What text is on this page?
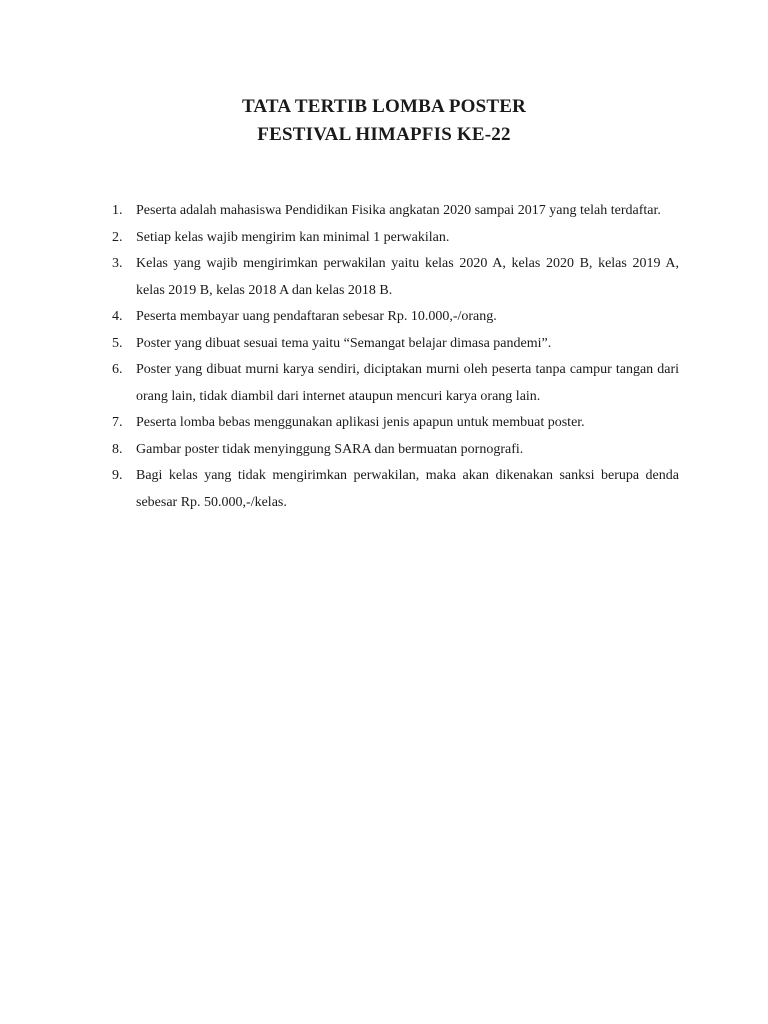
TATA TERTIB LOMBA POSTER
FESTIVAL HIMAPFIS KE-22
1. Peserta adalah mahasiswa Pendidikan Fisika angkatan 2020 sampai 2017 yang telah terdaftar.
2. Setiap kelas wajib mengirim kan minimal 1 perwakilan.
3. Kelas yang wajib mengirimkan perwakilan yaitu kelas 2020 A, kelas 2020 B, kelas 2019 A, kelas 2019 B, kelas 2018 A dan kelas 2018 B.
4. Peserta membayar uang pendaftaran sebesar Rp. 10.000,-/orang.
5. Poster yang dibuat sesuai tema yaitu “Semangat belajar dimasa pandemi”.
6. Poster yang dibuat murni karya sendiri, diciptakan murni oleh peserta tanpa campur tangan dari orang lain, tidak diambil dari internet ataupun mencuri karya orang lain.
7. Peserta lomba bebas menggunakan aplikasi jenis apapun untuk membuat poster.
8. Gambar poster tidak menyinggung SARA dan bermuatan pornografi.
9. Bagi kelas yang tidak mengirimkan perwakilan, maka akan dikenakan sanksi berupa denda sebesar Rp. 50.000,-/kelas.
